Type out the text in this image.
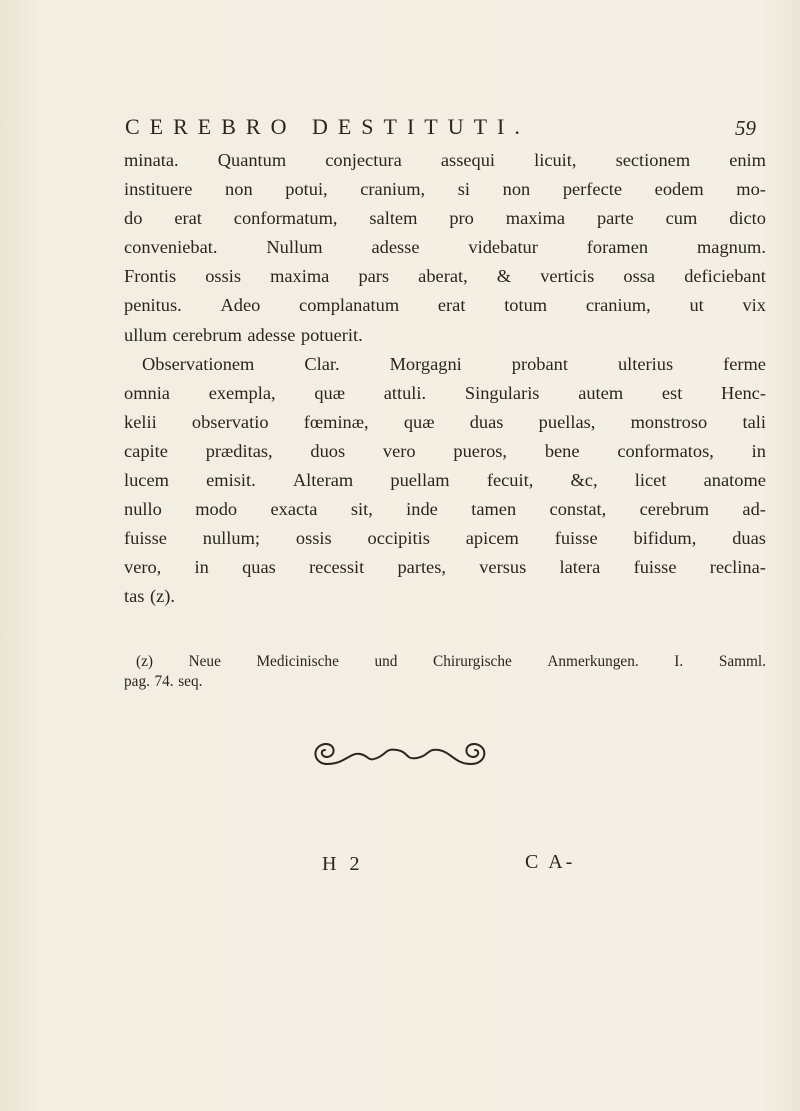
CEREBRO DESTITUTI.	59
minata. Quantum conjectura assequi licuit, sectionem enim
instituere non potui, cranium, si non perfecte eodem mo-
do erat conformatum, saltem pro maxima parte cum dicto
conveniebat.	Nullum	adesse	videbatur	foramen	magnum.
Frontis ossis maxima pars aberat, & verticis ossa deficiebant
penitus. Adeo complanatum erat totum cranium, ut vix
ullum cerebrum adesse potuerit.
Observationem	Clar.	Morgagni	probant	ulterius	ferme
omnia exempla, quæ attuli. Singularis autem est Henc-
kelii observatio fœminæ, quæ duas puellas, monstroso tali
capite præditas, duos vero pueros, bene conformatos, in
lucem emisit. Alteram puellam fecuit, &c, licet anatome
nullo modo exacta sit, inde tamen constat, cerebrum ad-
fuisse nullum; ossis occipitis apicem fuisse bifidum, duas
vero, in quas recessit partes, versus latera fuisse reclina-
tas (z).
(z) Neue Medicinische und Chirurgische Anmerkungen. I. Samml.
pag. 74. seq.
H 2	C A-
